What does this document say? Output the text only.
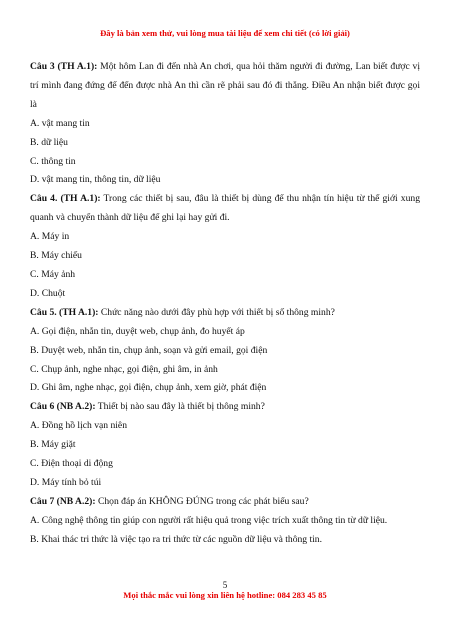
Đây là bản xem thử, vui lòng mua tài liệu để xem chi tiết (có lời giải)

Câu 3 (TH A.1): Một hôm Lan đi đến nhà An chơi, qua hỏi thăm người đi đường, Lan biết được vị trí mình đang đứng để đến được nhà An thì cần rẽ phải sau đó đi thẳng. Điều An nhận biết được gọi là

A. vật mang tin

B. dữ liệu

C. thông tin

D. vật mang tin, thông tin, dữ liệu

Câu 4. (TH A.1): Trong các thiết bị sau, đâu là thiết bị dùng để thu nhận tín hiệu từ thế giới xung quanh và chuyển thành dữ liệu để ghi lại hay gửi đi.

A. Máy in

B. Máy chiếu

C. Máy ảnh

D. Chuột

Câu 5. (TH A.1): Chức năng nào dưới đây phù hợp với thiết bị số thông minh?

A. Gọi điện, nhắn tin, duyệt web, chụp ảnh, đo huyết áp

B. Duyệt web, nhắn tin, chụp ảnh, soạn và gửi email, gọi điện

C. Chụp ảnh, nghe nhạc, gọi điện, ghi âm, in ảnh

D. Ghi âm, nghe nhạc, gọi điện, chụp ảnh, xem giờ, phát điện

Câu 6 (NB A.2): Thiết bị nào sau đây là thiết bị thông minh?

A. Đồng hồ lịch vạn niên

B. Máy giặt

C. Điện thoại di động

D. Máy tính bỏ túi

Câu 7 (NB A.2): Chọn đáp án KHÔNG ĐÚNG trong các phát biểu sau?

A. Công nghệ thông tin giúp con người rất hiệu quả trong việc trích xuất thông tin từ dữ liệu.

B. Khai thác tri thức là việc tạo ra tri thức từ các nguồn dữ liệu và thông tin.

5
Mọi thắc mắc vui lòng xin liên hệ hotline: 084 283 45 85
